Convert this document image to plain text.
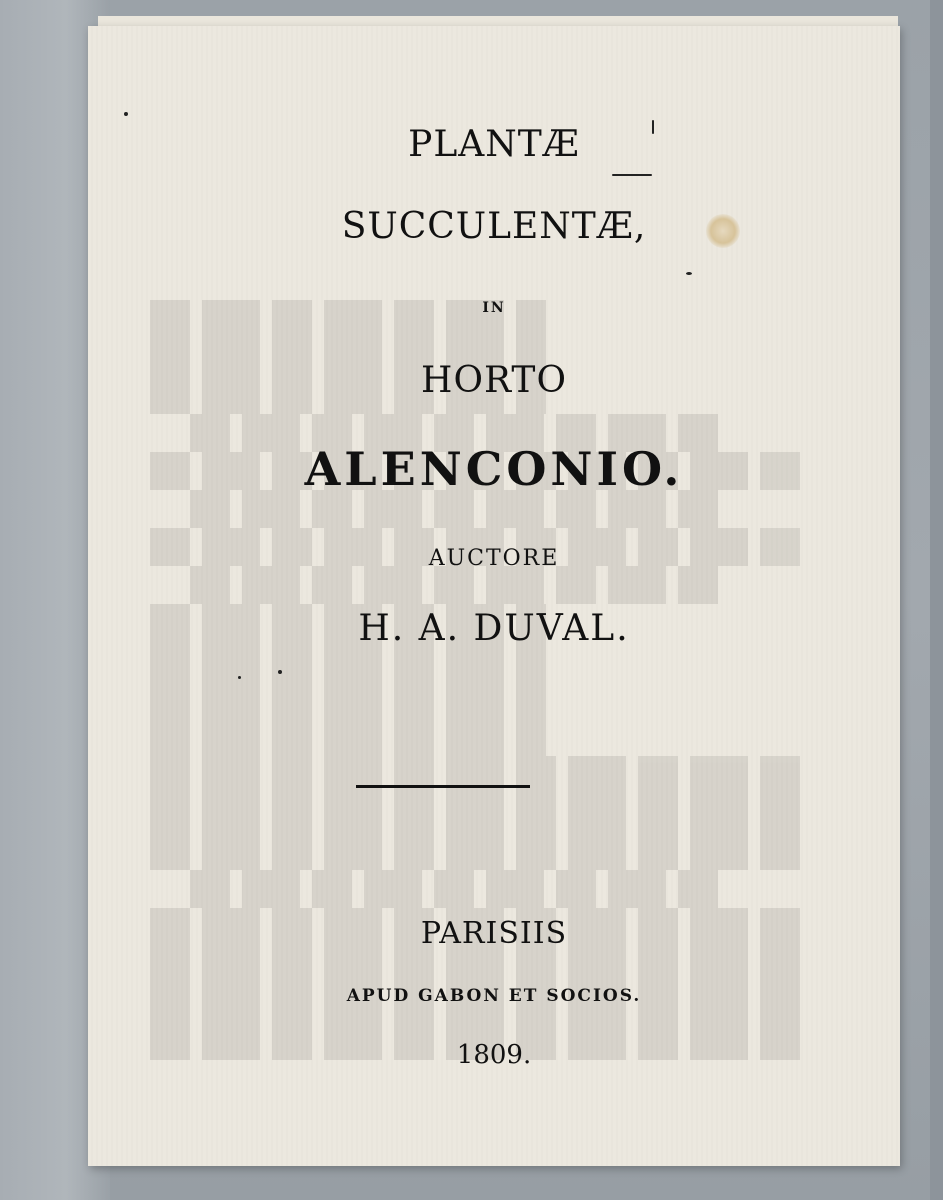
PLANTÆ
SUCCULENTÆ,
IN
HORTO
ALENCONIO.
AUCTORE
H. A. DUVAL.
PARISIIS
APUD GABON ET SOCIOS.
1809.
